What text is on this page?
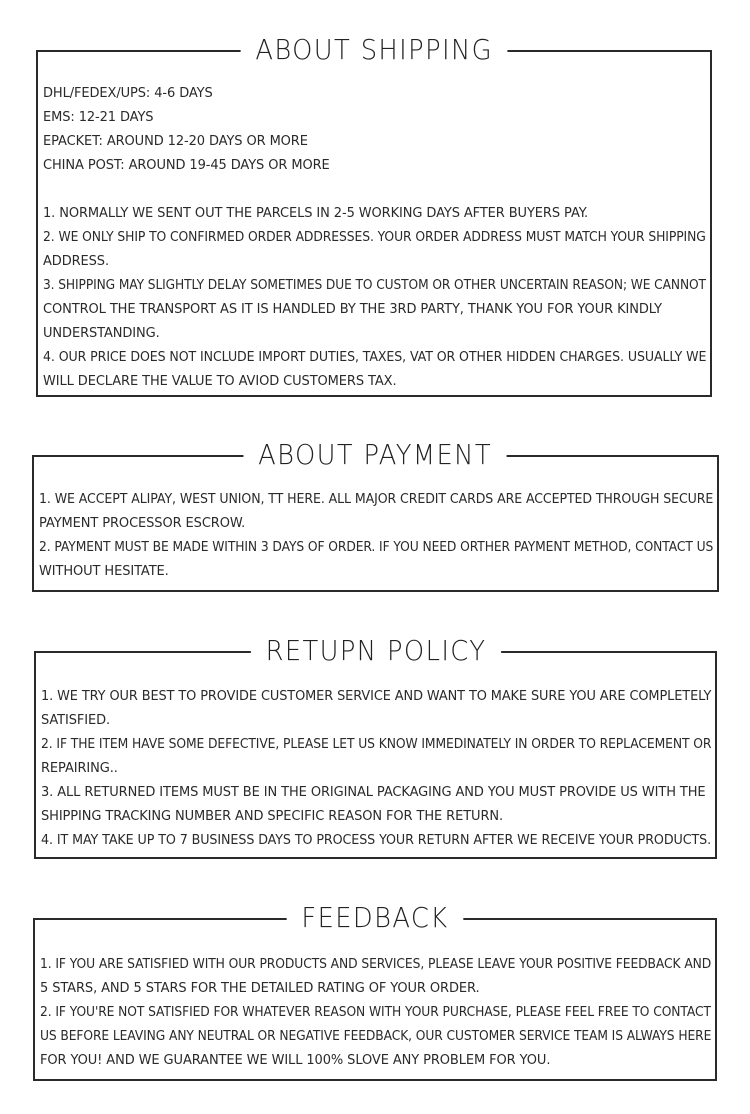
ABOUT SHIPPING
DHL/FEDEX/UPS: 4-6 DAYS
EMS: 12-21 DAYS
EPACKET: AROUND 12-20 DAYS OR MORE
CHINA POST: AROUND 19-45 DAYS OR MORE
1. NORMALLY WE SENT OUT THE PARCELS IN 2-5 WORKING DAYS AFTER BUYERS PAY.
2. WE ONLY SHIP TO CONFIRMED ORDER ADDRESSES. YOUR ORDER ADDRESS MUST MATCH YOUR SHIPPING
ADDRESS.
3. SHIPPING MAY SLIGHTLY DELAY SOMETIMES DUE TO CUSTOM OR OTHER UNCERTAIN REASON; WE CANNOT
CONTROL THE TRANSPORT AS IT IS HANDLED BY THE 3RD PARTY, THANK YOU FOR YOUR KINDLY
UNDERSTANDING.
4. OUR PRICE DOES NOT INCLUDE IMPORT DUTIES, TAXES, VAT OR OTHER HIDDEN CHARGES. USUALLY WE
WILL DECLARE THE VALUE TO AVIOD CUSTOMERS TAX.
ABOUT PAYMENT
1. WE ACCEPT ALIPAY, WEST UNION, TT HERE. ALL MAJOR CREDIT CARDS ARE ACCEPTED THROUGH SECURE
PAYMENT PROCESSOR ESCROW.
2. PAYMENT MUST BE MADE WITHIN 3 DAYS OF ORDER. IF YOU NEED ORTHER PAYMENT METHOD, CONTACT US
WITHOUT HESITATE.
RETUPN POLICY
1. WE TRY OUR BEST TO PROVIDE CUSTOMER SERVICE AND WANT TO MAKE SURE YOU ARE COMPLETELY
SATISFIED.
2. IF THE ITEM HAVE SOME DEFECTIVE, PLEASE LET US KNOW IMMEDINATELY IN ORDER TO REPLACEMENT OR
REPAIRING..
3. ALL RETURNED ITEMS MUST BE IN THE ORIGINAL PACKAGING AND YOU MUST PROVIDE US WITH THE
SHIPPING TRACKING NUMBER AND SPECIFIC REASON FOR THE RETURN.
4. IT MAY TAKE UP TO 7 BUSINESS DAYS TO PROCESS YOUR RETURN AFTER WE RECEIVE YOUR PRODUCTS.
FEEDBACK
1. IF YOU ARE SATISFIED WITH OUR PRODUCTS AND SERVICES, PLEASE LEAVE YOUR POSITIVE FEEDBACK AND
5 STARS, AND 5 STARS FOR THE DETAILED RATING OF YOUR ORDER.
2. IF YOU'RE NOT SATISFIED FOR WHATEVER REASON WITH YOUR PURCHASE, PLEASE FEEL FREE TO CONTACT
US BEFORE LEAVING ANY NEUTRAL OR NEGATIVE FEEDBACK, OUR CUSTOMER SERVICE TEAM IS ALWAYS HERE
FOR YOU! AND WE GUARANTEE WE WILL 100% SLOVE ANY PROBLEM FOR YOU.
